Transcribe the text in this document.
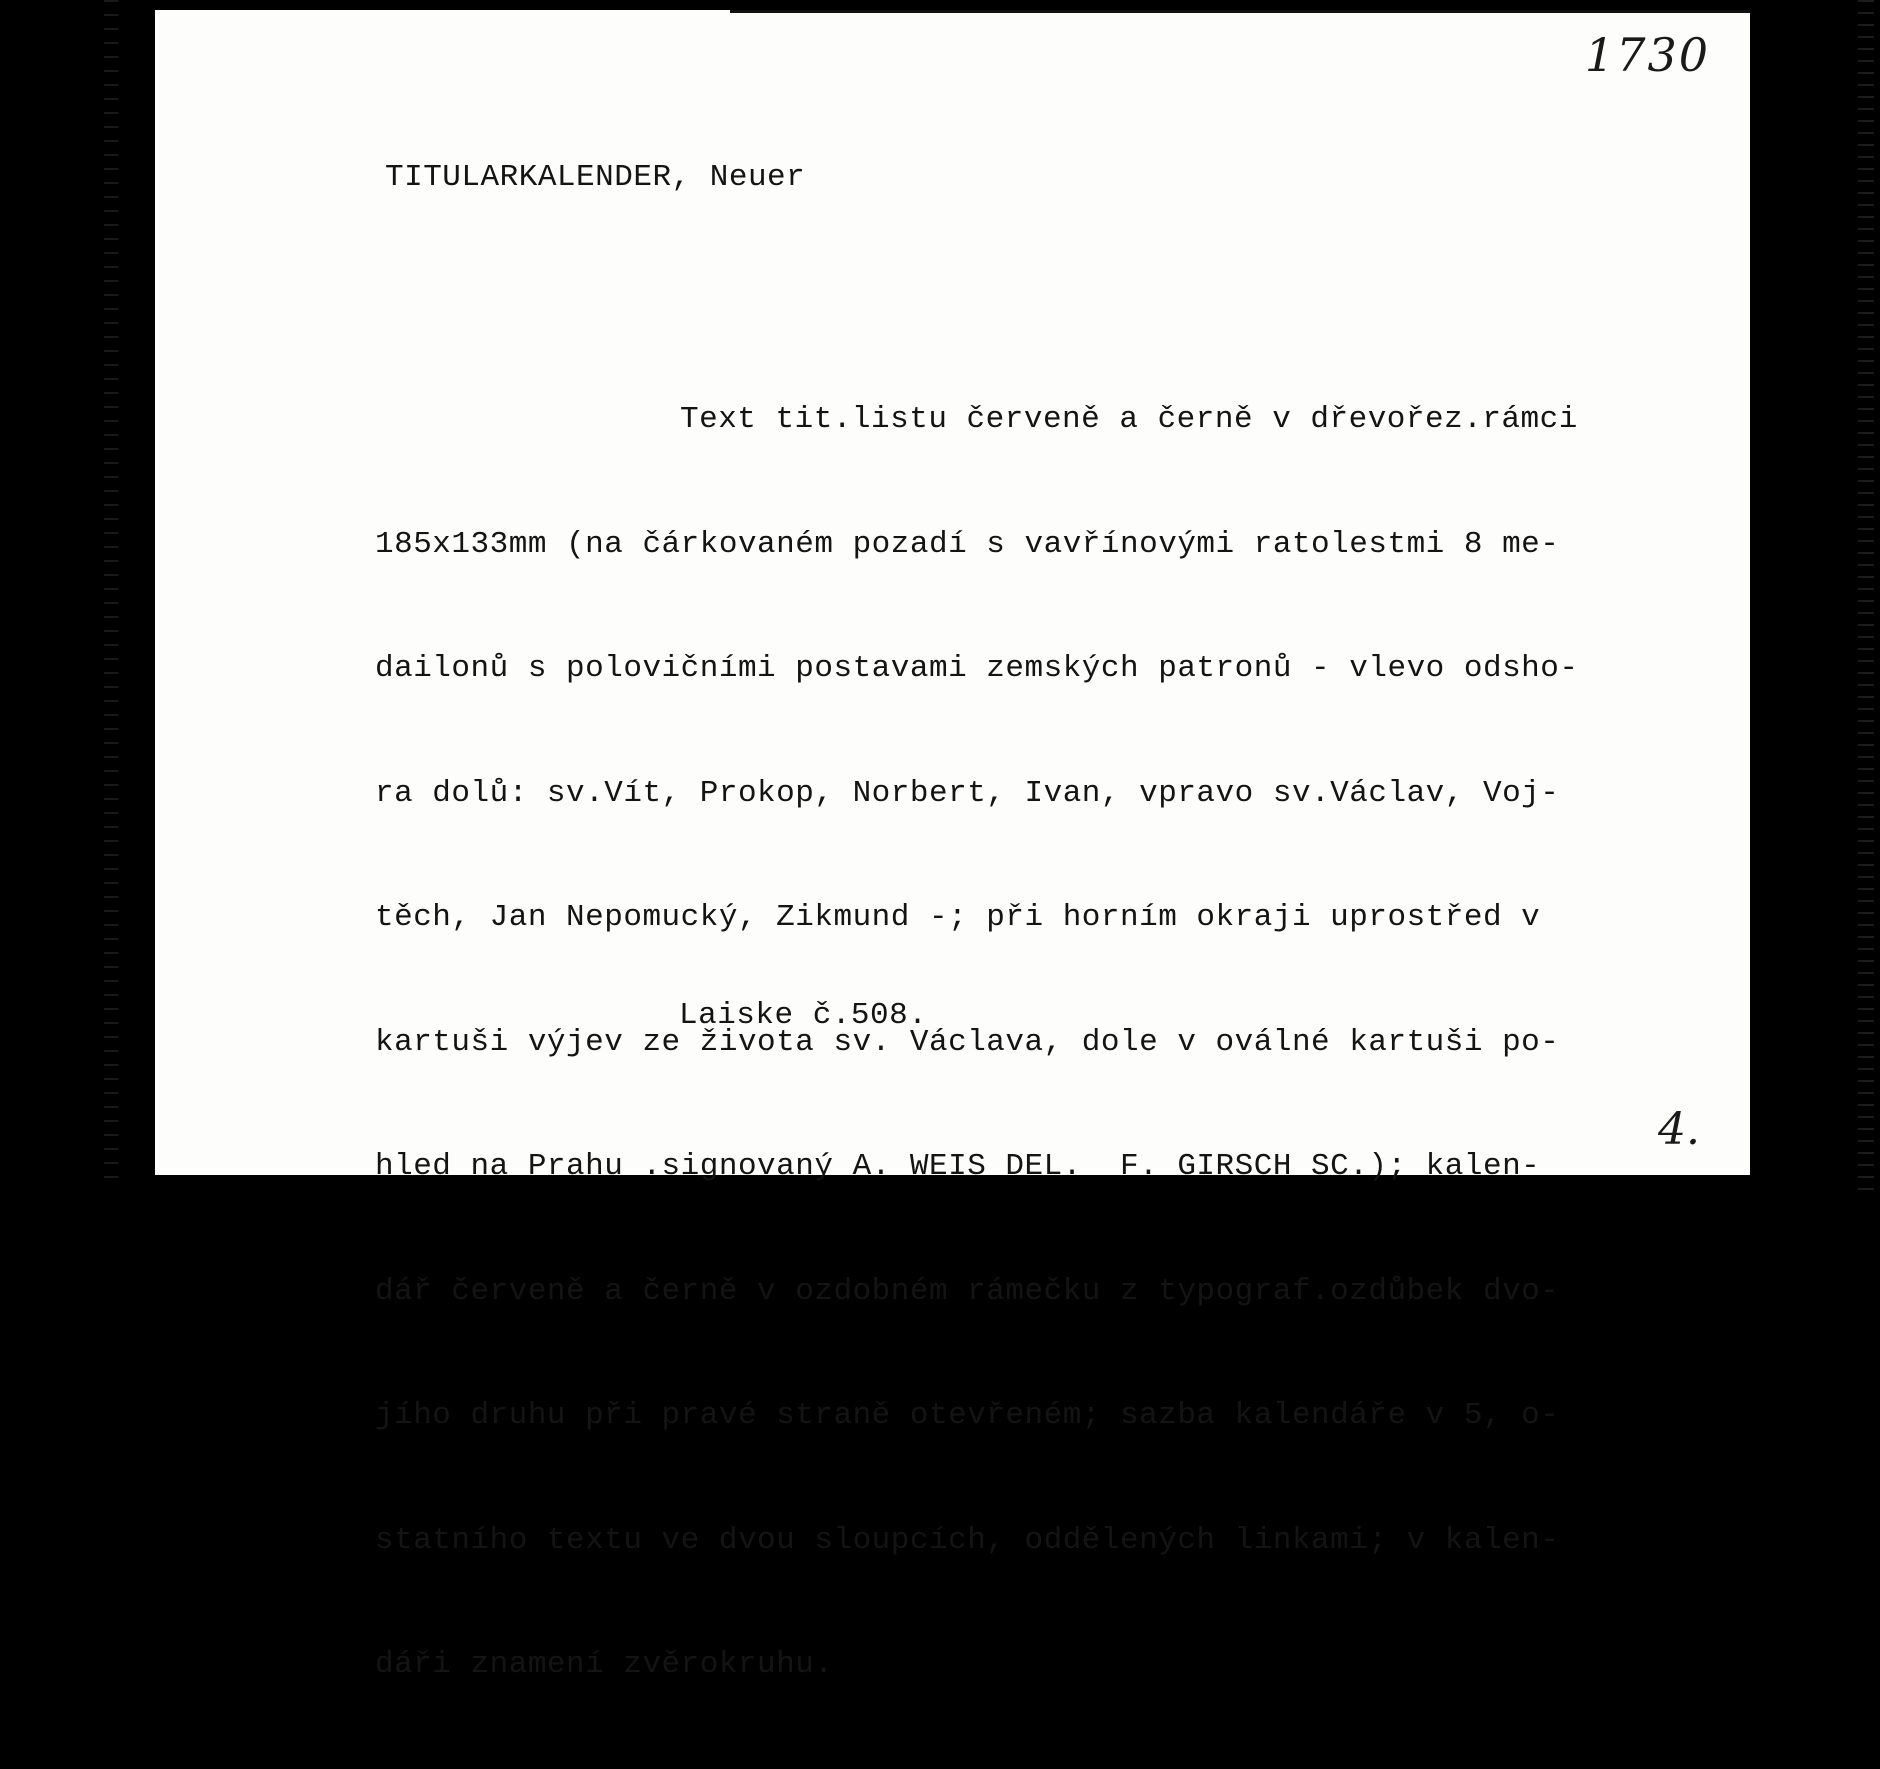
1730
TITULARKALENDER, Neuer

Text tit.listu červeně a černě v dřevořez.rámci

185x133mm (na čárkovaném pozadí s vavřínovými ratolestmi 8 me-

dailonů s polovičními postavami zemských patronů - vlevo odsho-

ra dolů: sv.Vít, Prokop, Norbert, Ivan, vpravo sv.Václav, Voj-

těch, Jan Nepomucký, Zikmund -; při horním okraji uprostřed v

kartuši výjev ze života sv. Václava, dole v oválné kartuši po-

hled na Prahu .signovaný A. WEIS DEL.  F. GIRSCH SC.); kalen-

dář červeně a černě v ozdobném rámečku z typograf.ozdůbek dvo-

jího druhu při pravé straně otevřeném; sazba kalendáře v 5, o-

statního textu ve dvou sloupcích, oddělených linkami; v kalen-

dáři znamení zvěrokruhu.

Laiske č.508.
4.
